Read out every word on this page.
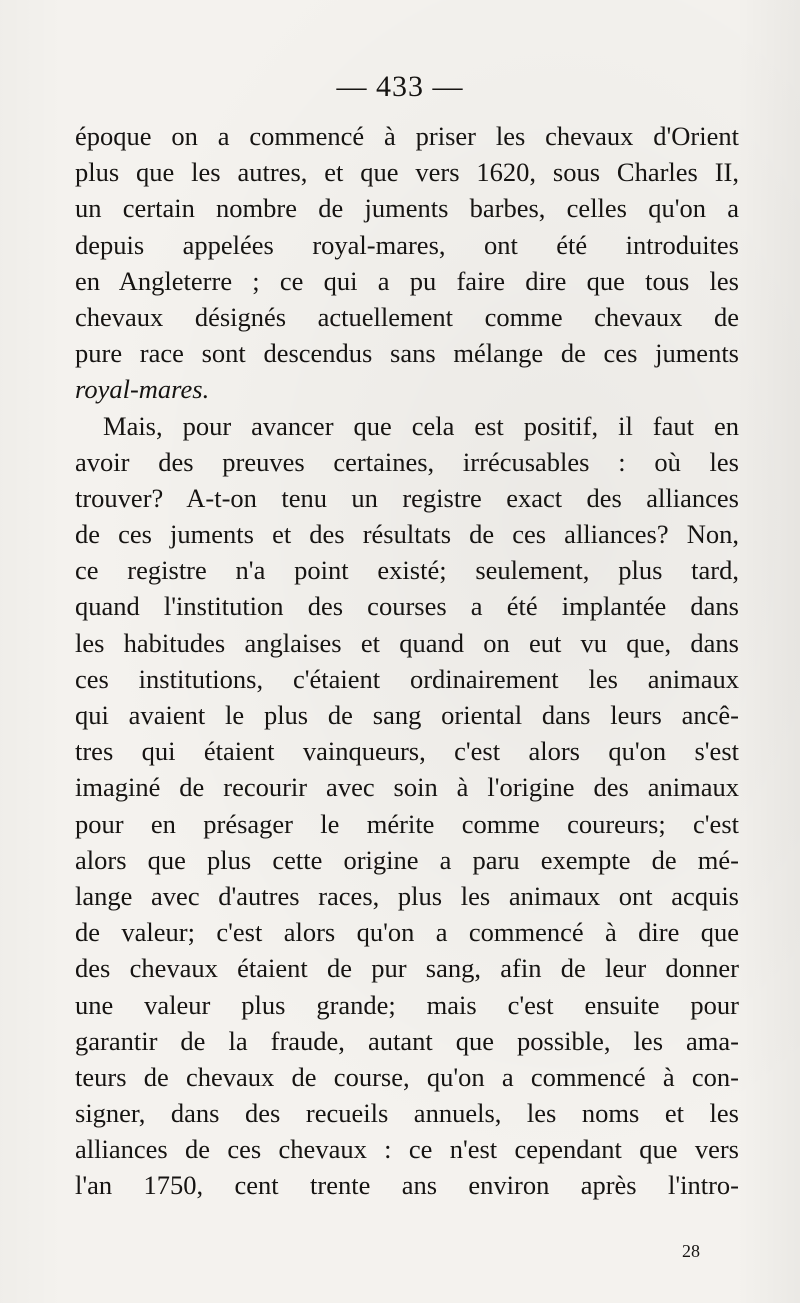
— 433 —
époque on a commencé à priser les chevaux d'Orient
plus que les autres, et que vers 1620, sous Charles II,
un certain nombre de juments barbes, celles qu'on a
depuis appelées royal-mares, ont été introduites
en Angleterre ; ce qui a pu faire dire que tous les
chevaux désignés actuellement comme chevaux de
pure race sont descendus sans mélange de ces juments
royal-mares.
Mais, pour avancer que cela est positif, il faut en
avoir des preuves certaines, irrécusables : où les
trouver? A-t-on tenu un registre exact des alliances
de ces juments et des résultats de ces alliances? Non,
ce registre n'a point existé; seulement, plus tard,
quand l'institution des courses a été implantée dans
les habitudes anglaises et quand on eut vu que, dans
ces institutions, c'étaient ordinairement les animaux
qui avaient le plus de sang oriental dans leurs ancê-
tres qui étaient vainqueurs, c'est alors qu'on s'est
imaginé de recourir avec soin à l'origine des animaux
pour en présager le mérite comme coureurs; c'est
alors que plus cette origine a paru exempte de mé-
lange avec d'autres races, plus les animaux ont acquis
de valeur; c'est alors qu'on a commencé à dire que
des chevaux étaient de pur sang, afin de leur donner
une valeur plus grande; mais c'est ensuite pour
garantir de la fraude, autant que possible, les ama-
teurs de chevaux de course, qu'on a commencé à con-
signer, dans des recueils annuels, les noms et les
alliances de ces chevaux : ce n'est cependant que vers
l'an 1750, cent trente ans environ après l'intro-
28
